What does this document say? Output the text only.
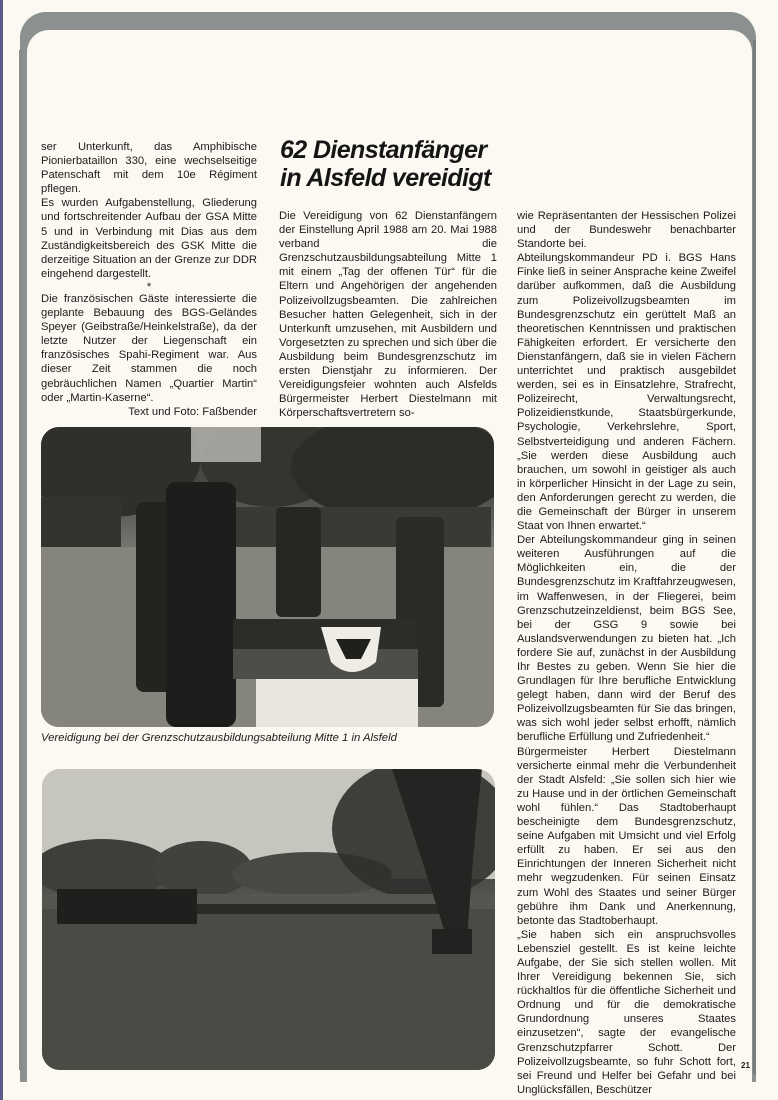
ser Unterkunft, das Amphibische Pionierbataillon 330, eine wechselseitige Patenschaft mit dem 10e Régiment pflegen.

Es wurden Aufgabenstellung, Gliederung und fortschreitender Aufbau der GSA Mitte 5 und in Verbindung mit Dias aus dem Zuständigkeitsbereich des GSK Mitte die derzeitige Situation an der Grenze zur DDR eingehend dargestellt.

*

Die französischen Gäste interessierte die geplante Bebauung des BGS-Geländes Speyer (Geibstraße/Heinkelstraße), da der letzte Nutzer der Liegenschaft ein französisches Spahi-Regiment war. Aus dieser Zeit stammen die noch gebräuchlichen Namen „Quartier Martin“ oder „Martin-Kaserne“.

Text und Foto: Faßbender

62 Dienstanfänger in Alsfeld vereidigt

Die Vereidigung von 62 Dienstanfängern der Einstellung April 1988 am 20. Mai 1988 verband die Grenzschutzausbildungsabteilung Mitte 1 mit einem „Tag der offenen Tür“ für die Eltern und Angehörigen der angehenden Polizeivollzugsbeamten. Die zahlreichen Besucher hatten Gelegenheit, sich in der Unterkunft umzusehen, mit Ausbildern und Vorgesetzten zu sprechen und sich über die Ausbildung beim Bundesgrenzschutz im ersten Dienstjahr zu informieren. Der Vereidigungsfeier wohnten auch Alsfelds Bürgermeister Herbert Diestelmann mit Körperschaftsvertretern so-

wie Repräsentanten der Hessischen Polizei und der Bundeswehr benachbarter Standorte bei.

Abteilungskommandeur PD i. BGS Hans Finke ließ in seiner Ansprache keine Zweifel darüber aufkommen, daß die Ausbildung zum Polizeivollzugsbeamten im Bundesgrenzschutz ein gerüttelt Maß an theoretischen Kenntnissen und praktischen Fähigkeiten erfordert. Er versicherte den Dienstanfängern, daß sie in vielen Fächern unterrichtet und praktisch ausgebildet werden, sei es in Einsatzlehre, Strafrecht, Polizeirecht, Verwaltungsrecht, Polizeidienstkunde, Staatsbürgerkunde, Psychologie, Verkehrslehre, Sport, Selbstverteidigung und anderen Fächern. „Sie werden diese Ausbildung auch brauchen, um sowohl in geistiger als auch in körperlicher Hinsicht in der Lage zu sein, den Anforderungen gerecht zu werden, die die Gemeinschaft der Bürger in unserem Staat von Ihnen erwartet.“

Der Abteilungskommandeur ging in seinen weiteren Ausführungen auf die Möglichkeiten ein, die der Bundesgrenzschutz im Kraftfahrzeugwesen, im Waffenwesen, in der Fliegerei, beim Grenzschutzeinzeldienst, beim BGS See, bei der GSG 9 sowie bei Auslandsverwendungen zu bieten hat. „Ich fordere Sie auf, zunächst in der Ausbildung Ihr Bestes zu geben. Wenn Sie hier die Grundlagen für Ihre berufliche Entwicklung gelegt haben, dann wird der Beruf des Polizeivollzugsbeamten für Sie das bringen, was sich wohl jeder selbst erhofft, nämlich berufliche Erfüllung und Zufriedenheit.“

Bürgermeister Herbert Diestelmann versicherte einmal mehr die Verbundenheit der Stadt Alsfeld: „Sie sollen sich hier wie zu Hause und in der örtlichen Gemeinschaft wohl fühlen.“ Das Stadtoberhaupt bescheinigte dem Bundesgrenzschutz, seine Aufgaben mit Umsicht und viel Erfolg erfüllt zu haben. Er sei aus den Einrichtungen der Inneren Sicherheit nicht mehr wegzudenken. Für seinen Einsatz zum Wohl des Staates und seiner Bürger gebühre ihm Dank und Anerkennung, betonte das Stadtoberhaupt.

„Sie haben sich ein anspruchsvolles Lebensziel gestellt. Es ist keine leichte Aufgabe, der Sie sich stellen wollen. Mit Ihrer Vereidigung bekennen Sie, sich rückhaltlos für die öffentliche Sicherheit und Ordnung und für die demokratische Grundordnung unseres Staates einzusetzen“, sagte der evangelische Grenzschutzpfarrer Schott. Der Polizeivollzugsbeamte, so fuhr Schott fort, sei Freund und Helfer bei Gefahr und bei Unglücksfällen, Beschützer

Vereidigung bei der Grenzschutzausbildungsabteilung Mitte 1 in Alsfeld
21
